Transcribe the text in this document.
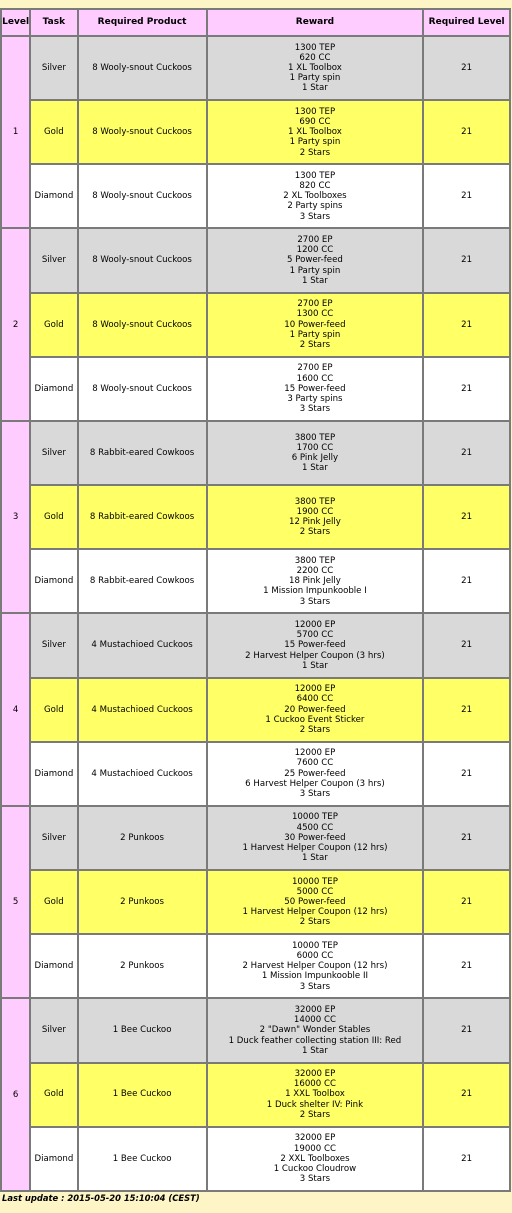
Level	Task	Required Product	Reward	Required Level
1	Silver	8 Wooly-snout Cuckoos	1300 TEP
620 CC
1 XL Toolbox
1 Party spin
1 Star	21
	Gold	8 Wooly-snout Cuckoos	1300 TEP
690 CC
1 XL Toolbox
1 Party spin
2 Stars	21
	Diamond	8 Wooly-snout Cuckoos	1300 TEP
820 CC
2 XL Toolboxes
2 Party spins
3 Stars	21
2	Silver	8 Wooly-snout Cuckoos	2700 EP
1200 CC
5 Power-feed
1 Party spin
1 Star	21
	Gold	8 Wooly-snout Cuckoos	2700 EP
1300 CC
10 Power-feed
1 Party spin
2 Stars	21
	Diamond	8 Wooly-snout Cuckoos	2700 EP
1600 CC
15 Power-feed
3 Party spins
3 Stars	21
3	Silver	8 Rabbit-eared Cowkoos	3800 TEP
1700 CC
6 Pink Jelly
1 Star	21
	Gold	8 Rabbit-eared Cowkoos	3800 TEP
1900 CC
12 Pink Jelly
2 Stars	21
	Diamond	8 Rabbit-eared Cowkoos	3800 TEP
2200 CC
18 Pink Jelly
1 Mission Impunkooble I
3 Stars	21
4	Silver	4 Mustachioed Cuckoos	12000 EP
5700 CC
15 Power-feed
2 Harvest Helper Coupon (3 hrs)
1 Star	21
	Gold	4 Mustachioed Cuckoos	12000 EP
6400 CC
20 Power-feed
1 Cuckoo Event Sticker
2 Stars	21
	Diamond	4 Mustachioed Cuckoos	12000 EP
7600 CC
25 Power-feed
6 Harvest Helper Coupon (3 hrs)
3 Stars	21
5	Silver	2 Punkoos	10000 TEP
4500 CC
30 Power-feed
1 Harvest Helper Coupon (12 hrs)
1 Star	21
	Gold	2 Punkoos	10000 TEP
5000 CC
50 Power-feed
1 Harvest Helper Coupon (12 hrs)
2 Stars	21
	Diamond	2 Punkoos	10000 TEP
6000 CC
2 Harvest Helper Coupon (12 hrs)
1 Mission Impunkooble II
3 Stars	21
6	Silver	1 Bee Cuckoo	32000 EP
14000 CC
2 "Dawn" Wonder Stables
1 Duck feather collecting station III: Red
1 Star	21
	Gold	1 Bee Cuckoo	32000 EP
16000 CC
1 XXL Toolbox
1 Duck shelter IV: Pink
2 Stars	21
	Diamond	1 Bee Cuckoo	32000 EP
19000 CC
2 XXL Toolboxes
1 Cuckoo Cloudrow
3 Stars	21
Last update : 2015-05-20 15:10:04 (CEST)
